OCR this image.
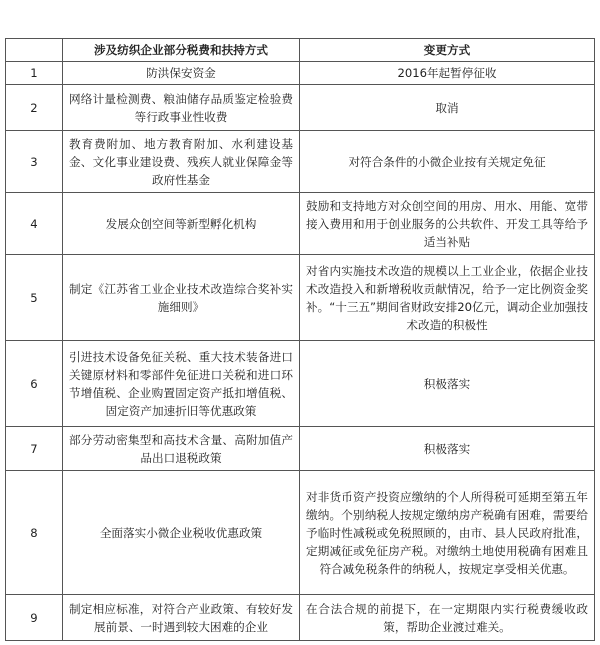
	涉及纺织企业部分税费和扶持方式	变更方式
1	防洪保安资金	2016年起暂停征收
2	网络计量检测费、粮油储存品质鉴定检验费等行政事业性收费	取消
3	教育费附加、地方教育附加、水利建设基金、文化事业建设费、残疾人就业保障金等政府性基金	对符合条件的小微企业按有关规定免征
4	发展众创空间等新型孵化机构	鼓励和支持地方对众创空间的用房、用水、用能、宽带接入费用和用于创业服务的公共软件、开发工具等给予适当补贴
5	制定《江苏省工业企业技术改造综合奖补实施细则》	对省内实施技术改造的规模以上工业企业，依据企业技术改造投入和新增税收贡献情况，给予一定比例资金奖补。“十三五”期间省财政安排20亿元，调动企业加强技术改造的积极性
6	引进技术设备免征关税、重大技术装备进口关键原材料和零部件免征进口关税和进口环节增值税、企业购置固定资产抵扣增值税、固定资产加速折旧等优惠政策	积极落实
7	部分劳动密集型和高技术含量、高附加值产品出口退税政策	积极落实
8	全面落实小微企业税收优惠政策	对非货币资产投资应缴纳的个人所得税可延期至第五年缴纳。个别纳税人按规定缴纳房产税确有困难，需要给予临时性减税或免税照顾的，由市、县人民政府批准，定期减征或免征房产税。对缴纳土地使用税确有困难且符合减免税条件的纳税人，按规定享受相关优惠。
9	制定相应标准，对符合产业政策、有较好发展前景、一时遇到较大困难的企业	在合法合规的前提下，在一定期限内实行税费缓收政策，帮助企业渡过难关。
